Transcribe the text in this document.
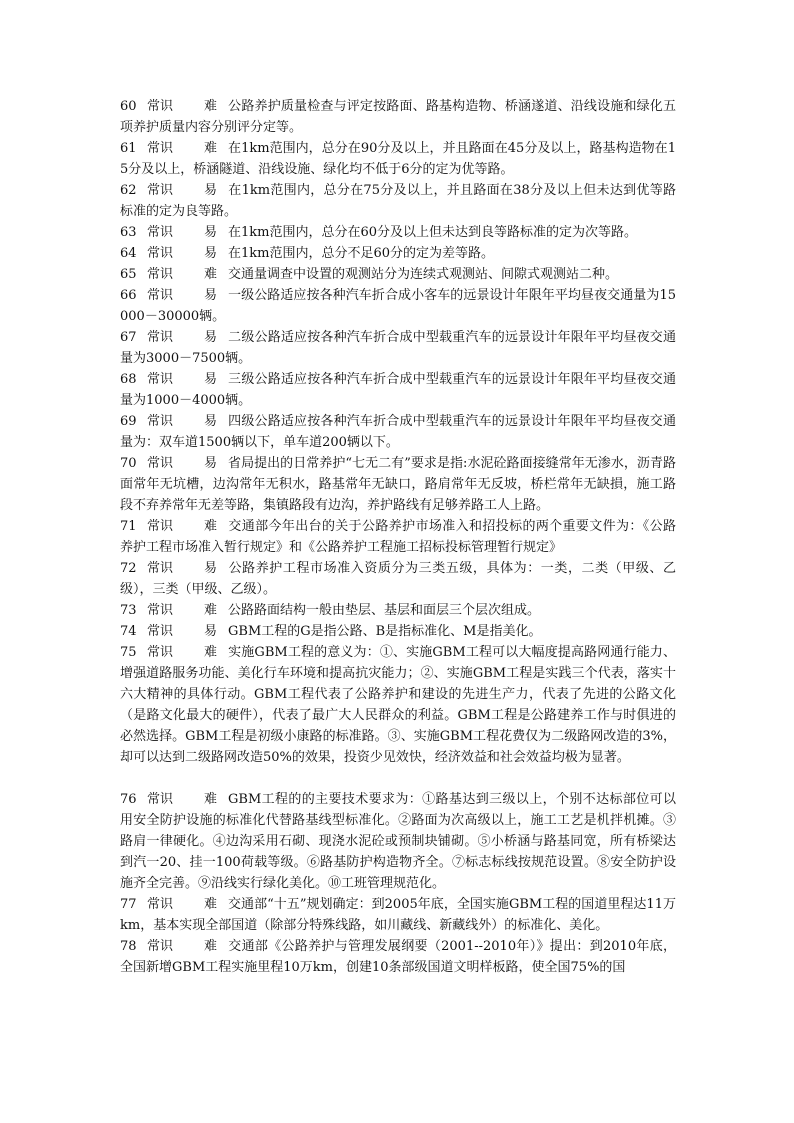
60 常识 难 公路养护质量检查与评定按路面、路基构造物、桥涵遂道、沿线设施和绿化五项养护质量内容分别评分定等。

61 常识 难 在1km范围内，总分在90分及以上，并且路面在45分及以上，路基构造物在15分及以上，桥涵隧道、沿线设施、绿化均不低于6分的定为优等路。

62 常识 易 在1km范围内，总分在75分及以上，并且路面在38分及以上但未达到优等路标准的定为良等路。

63 常识 易 在1km范围内，总分在60分及以上但未达到良等路标准的定为次等路。

64 常识 易 在1km范围内，总分不足60分的定为差等路。

65 常识 难 交通量调查中设置的观测站分为连续式观测站、间隙式观测站二种。

66 常识 易 一级公路适应按各种汽车折合成小客车的远景设计年限年平均昼夜交通量为15000－30000辆。

67 常识 易 二级公路适应按各种汽车折合成中型载重汽车的远景设计年限年平均昼夜交通量为3000－7500辆。

68 常识 易 三级公路适应按各种汽车折合成中型载重汽车的远景设计年限年平均昼夜交通量为1000－4000辆。

69 常识 易 四级公路适应按各种汽车折合成中型载重汽车的远景设计年限年平均昼夜交通量为：双车道1500辆以下，单车道200辆以下。

70 常识 易 省局提出的日常养护“七无二有”要求是指:水泥砼路面接缝常年无渗水，沥青路面常年无坑槽，边沟常年无积水，路基常年无缺口，路肩常年无反坡，桥栏常年无缺損，施工路段不弃养常年无差等路，集镇路段有边沟，养护路线有足够养路工人上路。

71 常识 难 交通部今年出台的关于公路养护市场准入和招投标的两个重要文件为：《公路养护工程市场准入暂行规定》和《公路养护工程施工招标投标管理暂行规定》

72 常识 易 公路养护工程市场准入资质分为三类五级，具体为：一类，二类（甲级、乙级），三类（甲级、乙级）。

73 常识 难 公路路面结构一般由垫层、基层和面层三个层次组成。

74 常识 易 GBM工程的G是指公路、B是指标准化、M是指美化。

75 常识 难 实施GBM工程的意义为：①、实施GBM工程可以大幅度提高路网通行能力、增强道路服务功能、美化行车环境和提高抗灾能力；②、实施GBM工程是实践三个代表，落实十六大精神的具体行动。GBM工程代表了公路养护和建设的先进生产力，代表了先进的公路文化（是路文化最大的硬件），代表了最广大人民群众的利益。GBM工程是公路建养工作与时俱进的必然选择。GBM工程是初级小康路的标准路。③、实施GBM工程花费仅为二级路网改造的3%，却可以达到二级路网改造50%的效果，投资少见效快，经济效益和社会效益均极为显著。

76 常识 难 GBM工程的的主要技术要求为：①路基达到三级以上，个别不达标部位可以用安全防护设施的标准化代替路基线型标准化。②路面为次高级以上，施工工艺是机拌机摊。③路肩一律硬化。④边沟采用石砌、现浇水泥砼或预制块铺砌。⑤小桥涵与路基同宽，所有桥梁达到汽一20、挂一100荷载等级。⑥路基防护构造物齐全。⑦标志标线按规范设置。⑧安全防护设施齐全完善。⑨沿线实行绿化美化。⑩工班管理规范化。

77 常识 难 交通部“十五”规划确定：到2005年底，全国实施GBM工程的国道里程达11万km，基本实现全部国道（除部分特殊线路，如川藏线、新藏线外）的标准化、美化。

78 常识 难 交通部《公路养护与管理发展纲要（2001--2010年）》提出：到2010年底，全国新增GBM工程实施里程10万km，创建10条部级国道文明样板路，使全国75%的国
